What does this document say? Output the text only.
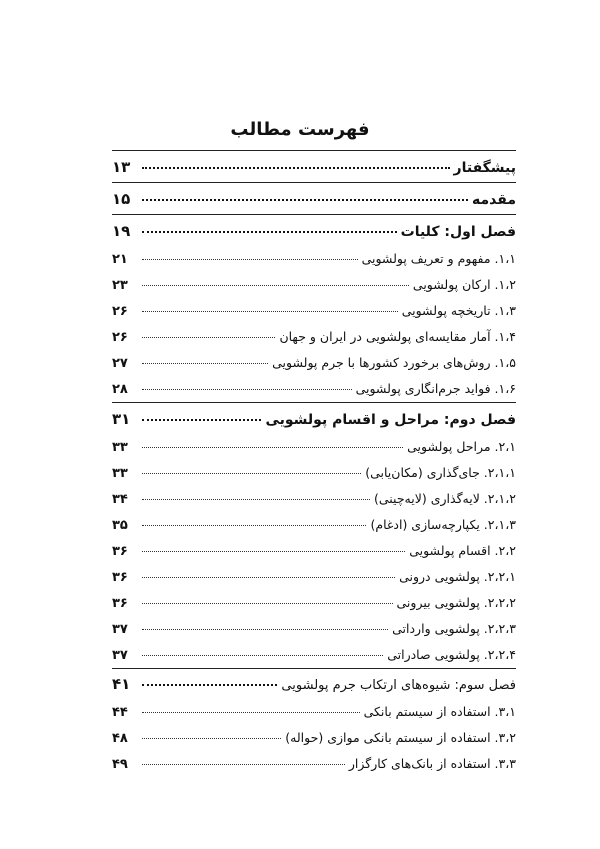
فهرست مطالب
پیشگفتار
۱۳
مقدمه
۱۵
فصل اول: کلیات
۱۹
۱،۱. مفهوم و تعریف پولشویی
۲۱
۱،۲. ارکان پولشویی
۲۳
۱،۳. تاریخچه پولشویی
۲۶
۱،۴. آمار مقایسه‌ای پولشویی در ایران و جهان
۲۶
۱،۵. روش‌های برخورد کشورها با جرم پولشویی
۲۷
۱،۶. فواید جرم‌انگاری پولشویی
۲۸
فصل دوم: مراحل و اقسام پولشویی
۳۱
۲،۱. مراحل پولشویی
۳۳
۲،۱،۱. جای‌گذاری (مکان‌یابی)
۳۳
۲،۱،۲. لایه‌گذاری (لایه‌چینی)
۳۴
۲،۱،۳. یکپارچه‌سازی (ادغام)
۳۵
۲،۲. اقسام پولشویی
۳۶
۲،۲،۱. پولشویی درونی
۳۶
۲،۲،۲. پولشویی بیرونی
۳۶
۲،۲،۳. پولشویی وارداتی
۳۷
۲،۲،۴. پولشویی صادراتی
۳۷
فصل سوم: شیوه‌های ارتکاب جرم پولشویی
۴۱
۳،۱. استفاده از سیستم بانکی
۴۴
۳،۲. استفاده از سیستم بانکی موازی (حواله)
۴۸
۳،۳. استفاده از بانک‌های کارگزار
۴۹
